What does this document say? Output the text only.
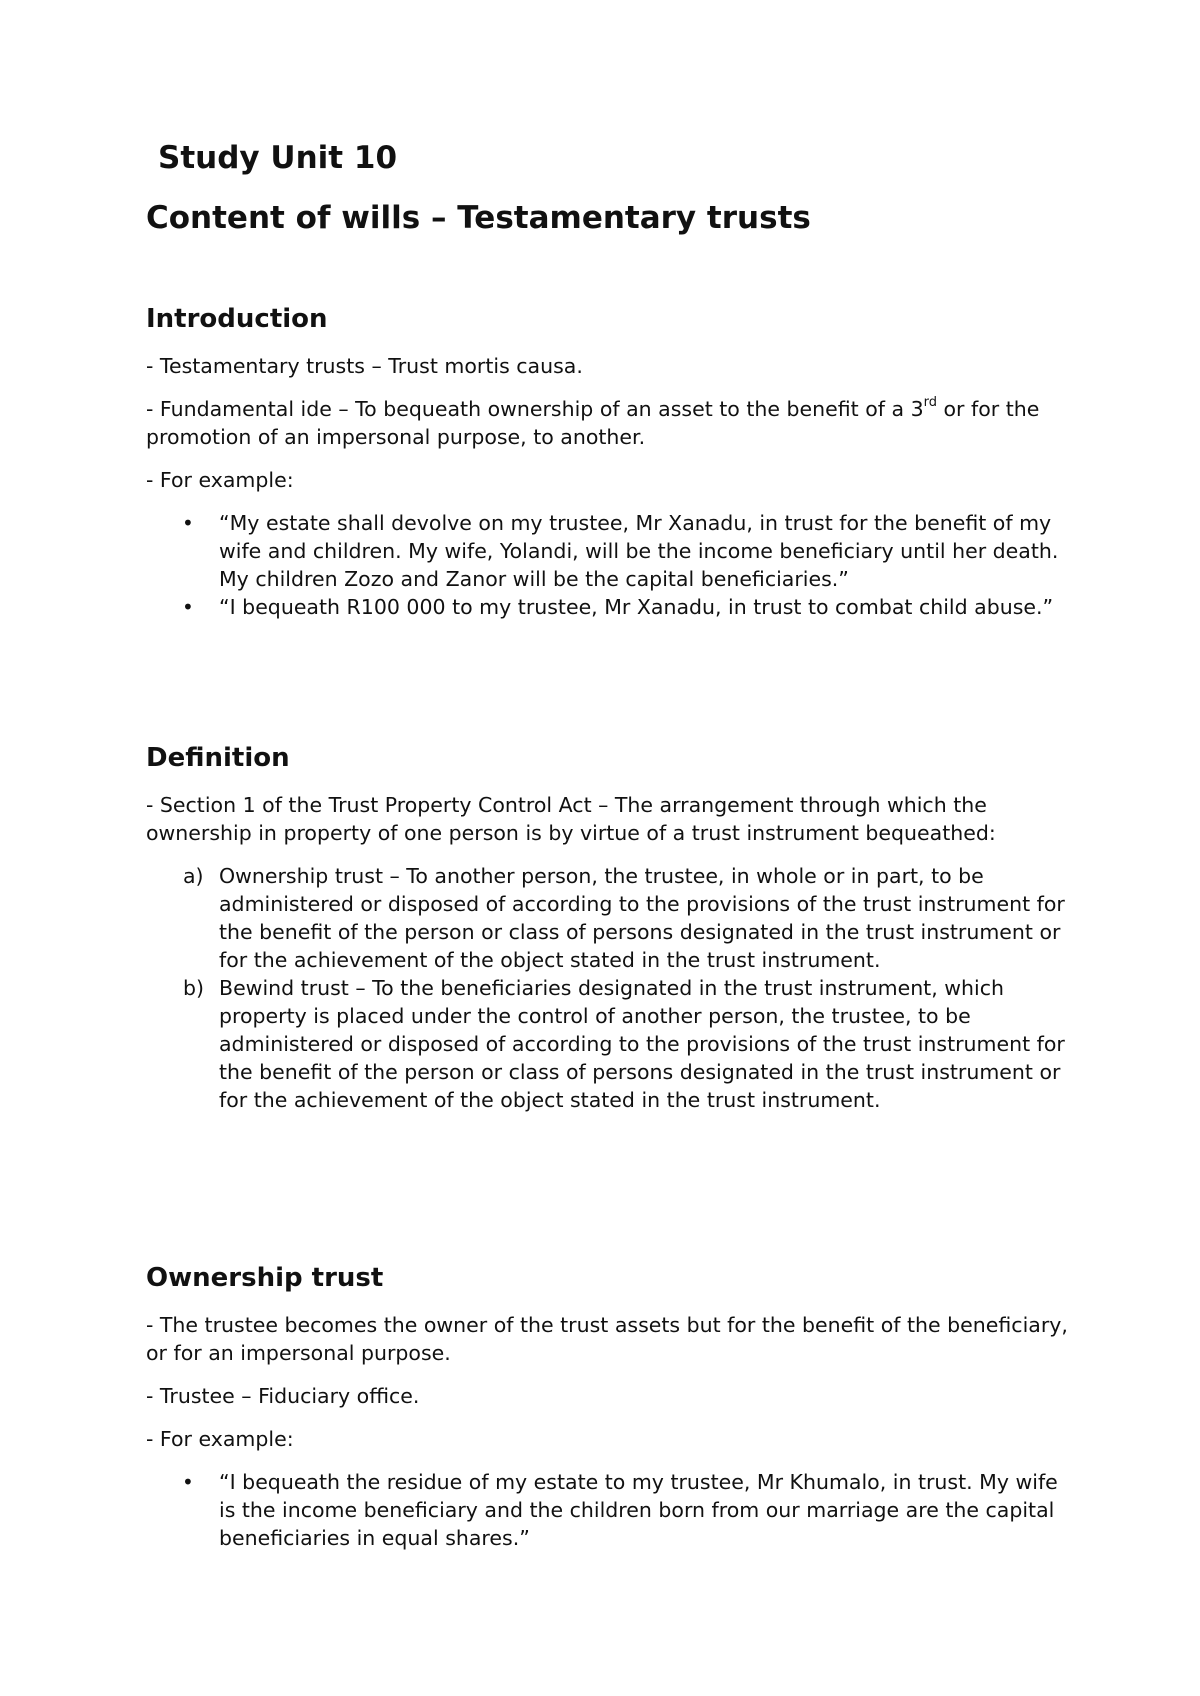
Study Unit 10
Content of wills – Testamentary trusts
Introduction

- Testamentary trusts – Trust mortis causa.

- Fundamental ide – To bequeath ownership of an asset to the benefit of a 3rd or for the promotion of an impersonal purpose, to another.

- For example:

• “My estate shall devolve on my trustee, Mr Xanadu, in trust for the benefit of my wife and children. My wife, Yolandi, will be the income beneficiary until her death. My children Zozo and Zanor will be the capital beneficiaries.”
• “I bequeath R100 000 to my trustee, Mr Xanadu, in trust to combat child abuse.”
Definition

- Section 1 of the Trust Property Control Act – The arrangement through which the ownership in property of one person is by virtue of a trust instrument bequeathed:

a) Ownership trust – To another person, the trustee, in whole or in part, to be administered or disposed of according to the provisions of the trust instrument for the benefit of the person or class of persons designated in the trust instrument or for the achievement of the object stated in the trust instrument.
b) Bewind trust – To the beneficiaries designated in the trust instrument, which property is placed under the control of another person, the trustee, to be administered or disposed of according to the provisions of the trust instrument for the benefit of the person or class of persons designated in the trust instrument or for the achievement of the object stated in the trust instrument.
Ownership trust

- The trustee becomes the owner of the trust assets but for the benefit of the beneficiary, or for an impersonal purpose.

- Trustee – Fiduciary office.

- For example:

• “I bequeath the residue of my estate to my trustee, Mr Khumalo, in trust. My wife is the income beneficiary and the children born from our marriage are the capital beneficiaries in equal shares.”
